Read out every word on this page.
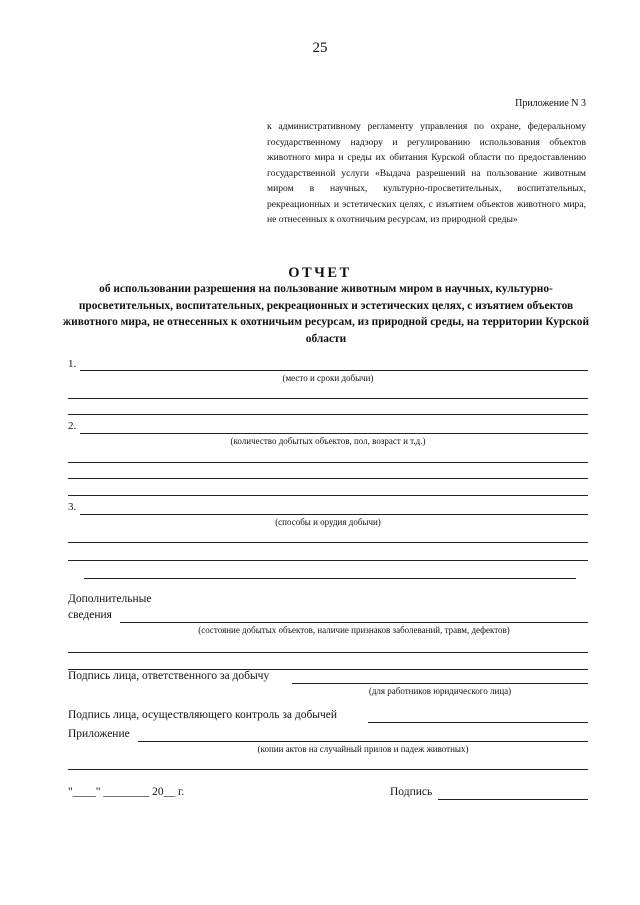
25
Приложение N 3
к административному регламенту управления по охране, федеральному государственному надзору и регулированию использования объектов животного мира и среды их обитания Курской области по предоставлению государственной услуги «Выдача разрешений на пользование животным миром в научных, культурно-просветительных, воспитательных, рекреационных и эстетических целях, с изъятием объектов животного мира, не отнесенных к охотничьим ресурсам, из природной среды»
ОТЧЕТ
об использовании разрешения на пользование животным миром в научных, культурно-просветительных, воспитательных, рекреационных и эстетических целях, с изъятием объектов животного мира, не отнесенных к охотничьим ресурсам, из природной среды, на территории Курской области
1.
(место и сроки добычи)
2.
(количество добытых объектов, пол, возраст и т.д.)
3.
(способы и орудия добычи)
Дополнительные
сведения
(состояние добытых объектов, наличие признаков заболеваний, травм, дефектов)
Подпись лица, ответственного за добычу
(для работников юридического лица)
Подпись лица, осуществляющего контроль за добычей
Приложение
(копии актов на случайный прилов и падеж животных)
"____" ________ 20__ г.	Подпись
